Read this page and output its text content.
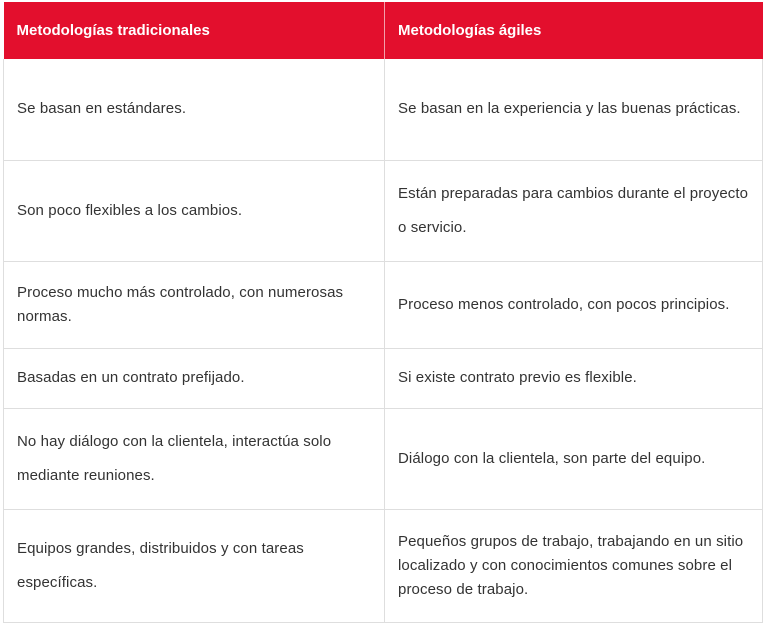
Metodologías tradicionales	Metodologías ágiles
Se basan en estándares.	Se basan en la experiencia y las buenas prácticas.
Son poco flexibles a los cambios.	Están preparadas para cambios durante el proyecto o servicio.
Proceso mucho más controlado, con numerosas normas.	Proceso menos controlado, con pocos principios.
Basadas en un contrato prefijado.	Si existe contrato previo es flexible.
No hay diálogo con la clientela, interactúa solo mediante reuniones.	Diálogo con la clientela, son parte del equipo.
Equipos grandes, distribuidos y con tareas específicas.	Pequeños grupos de trabajo, trabajando en un sitio localizado y con conocimientos comunes sobre el proceso de trabajo.
